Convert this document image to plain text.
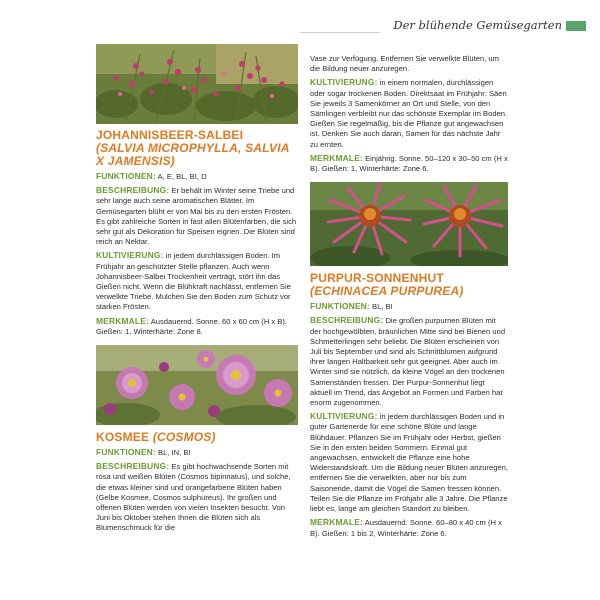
Der blühende Gemüsegarten
JOHANNISBEER-SALBEI
(SALVIA MICROPHYLLA, SALVIA X JAMENSIS)
FUNKTIONEN: A, E, BL, BI, D
BESCHREIBUNG: Er behält im Winter seine Triebe und sehr lange auch seine aromatischen Blätter. Im Gemüsegarten blüht er von Mai bis zu den ersten Frösten. Es gibt zahlreiche Sorten in fast allen Blütenfarben, die sich sehr gut als Dekoration für Speisen eignen. Die Blüten sind reich an Nektar.
KULTIVIERUNG: in jedem durchlässigen Boden. Im Frühjahr an geschützter Stelle pflanzen. Auch wenn Johannisbeer-Salbei Trockenheit verträgt, stört ihn das Gießen nicht. Wenn die Blühkraft nachlässt, entfernen Sie verwelkte Triebe. Mulchen Sie den Boden zum Schutz vor starken Frösten.
MERKMALE: Ausdauernd. Sonne. 60 x 60 cm (H x B). Gießen: 1, Winterhärte: Zone 8.
KOSMEE (COSMOS)
FUNKTIONEN: BL, IN, BI
BESCHREIBUNG: Es gibt hochwachsende Sorten mit rosa und weißen Blüten (Cosmos bipinnatus), und solche, die etwas kleiner sind und orangefarbene Blüten haben (Gelbe Kosmee, Cosmos sulphureus). Ihr großen und offenen Blüten werden von vielen Insekten besucht. Von Juni bis Oktober stehen Ihnen die Blüten sich als Blumenschmuck für die
Vase zur Verfügung. Entfernen Sie verwelkte Blüten, um die Bildung neuer anzuregen.
KULTIVIERUNG: in einem normalen, durchlässigen oder sogar trockenen Boden. Direktsaat im Frühjahr: Säen Sie jeweils 3 Samenkörner an Ort und Stelle, von den Sämlingen verbleibt nur das schönste Exemplar im Boden. Gießen Sie regelmäßig, bis die Pflanze gut angewachsen ist. Denken Sie auch daran, Samen für das nächste Jahr zu ernten.
MERKMALE: Einjährig. Sonne. 50–120 x 30–50 cm (H x B). Gießen: 1, Winterhärte: Zone 6.
PURPUR-SONNENHUT (ECHINACEA PURPUREA)
FUNKTIONEN: BL, BI
BESCHREIBUNG: Die großen purpurnen Blüten mit der hochgewölbten, bräunlichen Mitte sind bei Bienen und Schmetterlingen sehr beliebt. Die Blüten erscheinen von Juli bis September und sind als Schnittblumen aufgrund ihrer langen Haltbarkeit sehr gut geeignet. Aber auch im Winter sind sie nützlich, da kleine Vögel an den trockenen Samenständen fressen. Der Purpur-Sonnenhut liegt aktuell im Trend, das Angebot an Formen und Farben hat enorm zugenommen.
KULTIVIERUNG: in jedem durchlässigen Boden und in guter Gartenerde für eine schöne Blüte und lange Blühdauer. Pflanzen Sie im Frühjahr oder Herbst, gießen Sie in den ersten beiden Sommern. Einmal gut angewachsen, entwickelt die Pflanze eine hohe Widerstandskraft. Um die Bildung neuer Blüten anzuregen, entfernen Sie die verwelkten, aber nur bis zum Saisonende, damit die Vögel die Samen fressen können. Teilen Sie die Pflanze im Frühjahr alle 3 Jahre. Die Pflanze liebt es, lange am gleichen Standort zu bleiben.
MERKMALE: Ausdauernd. Sonne. 60–80 x 40 cm (H x B). Gießen: 1 bis 2, Winterhärte: Zone 6.
